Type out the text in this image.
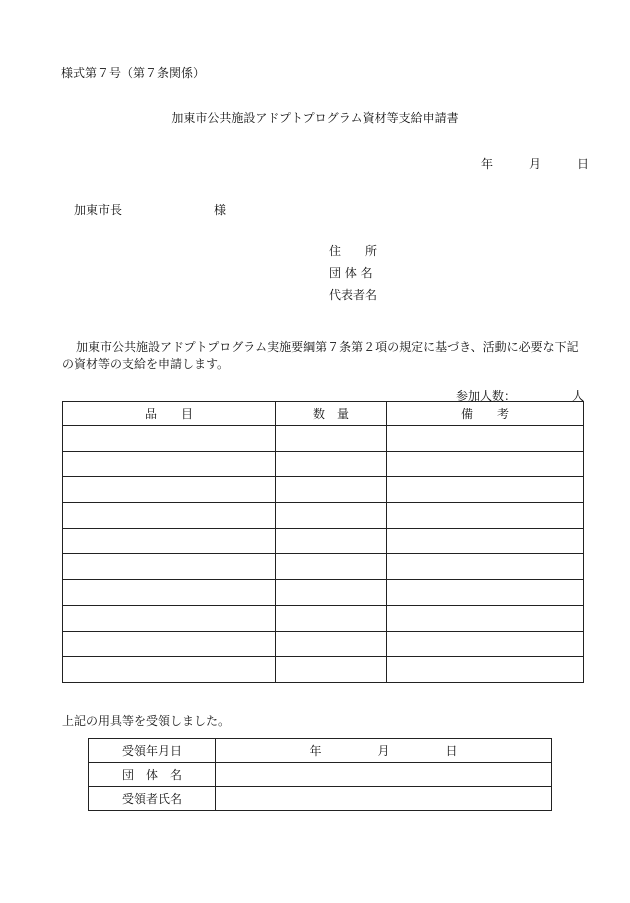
様式第７号（第７条関係）
加東市公共施設アドプトプログラム資材等支給申請書
年	月	日
加東市長	様
住　　所
団 体 名
代表者名
加東市公共施設アドプトプログラム実施要綱第７条第２項の規定に基づき、活動に必要な下記の資材等の支給を申請します。
参加人数：	人
品　　目	数　量	備　　考

上記の用具等を受領しました。
受領年月日	年 月 日
団　体　名	
受領者氏名	
